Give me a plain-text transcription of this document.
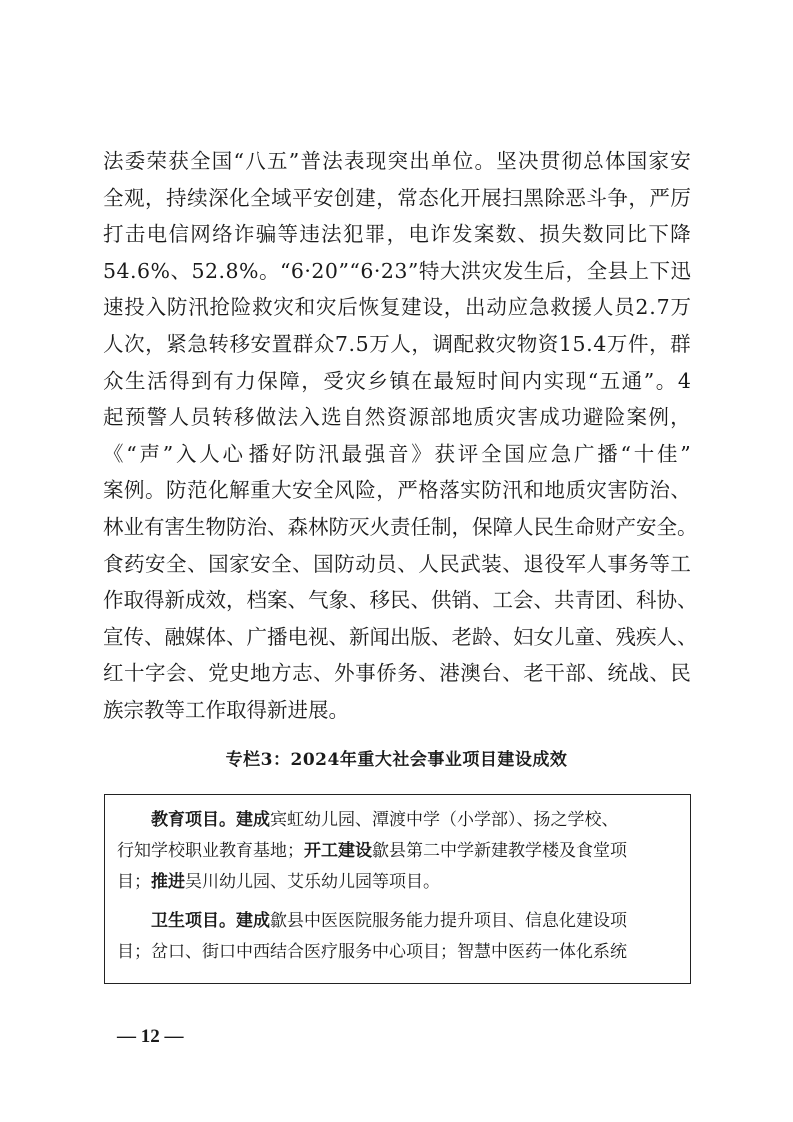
法 委 荣 获 全 国 “ 八 五 ” 普 法 表 现 突 出 单 位 。 坚 决 贯 彻 总 体 国 家 安
全 观 ， 持 续 深 化 全 域 平 安 创 建 ， 常 态 化 开 展 扫 黑 除 恶 斗 争 ， 严 厉
打 击 电 信 网 络 诈 骗 等 违 法 犯 罪 ， 电 诈 发 案 数 、 损 失 数 同 比 下 降
5 4 . 6 % 、 5 2 . 8 % 。 “ 6 · 2 0 ” “ 6 · 2 3 ” 特 大 洪 灾 发 生 后 ， 全 县 上 下 迅
速 投 入 防 汛 抢 险 救 灾 和 灾 后 恢 复 建 设 ， 出 动 应 急 救 援 人 员 2 . 7 万
人 次 ， 紧 急 转 移 安 置 群 众 7 . 5 万 人 ， 调 配 救 灾 物 资 1 5 . 4 万 件 ， 群
众 生 活 得 到 有 力 保 障 ， 受 灾 乡 镇 在 最 短 时 间 内 实 现 “ 五 通 ” 。 4
起 预 警 人 员 转 移 做 法 入 选 自 然 资 源 部 地 质 灾 害 成 功 避 险 案 例 ，
《 “ 声 ” 入 人 心 播 好 防 汛 最 强 音 》 获 评 全 国 应 急 广 播 “ 十 佳 ”
案 例 。 防 范 化 解 重 大 安 全 风 险 ， 严 格 落 实 防 汛 和 地 质 灾 害 防 治 、
林 业 有 害 生 物 防 治 、 森 林 防 灭 火 责 任 制 ， 保 障 人 民 生 命 财 产 安 全 。
食 药 安 全 、 国 家 安 全 、 国 防 动 员 、 人 民 武 装 、 退 役 军 人 事 务 等 工
作 取 得 新 成 效 ， 档 案 、 气 象 、 移 民 、 供 销 、 工 会 、 共 青 团 、 科 协 、
宣 传 、 融 媒 体 、 广 播 电 视 、 新 闻 出 版 、 老 龄 、 妇 女 儿 童 、 残 疾 人 、
红 十 字 会 、 党 史 地 方 志 、 外 事 侨 务 、 港 澳 台 、 老 干 部 、 统 战 、 民
族宗教等工作取得新进展。
专栏3：2024年重大社会事业项目建设成效
　　教育项目。建成宾虹幼儿园、潭渡中学（小学部）、扬之学校、
行知学校职业教育基地；开工建设歙县第二中学新建教学楼及食堂项
目； 推进 吴川幼儿园、艾乐幼儿园等项目。
　　卫生项目。建成歙县中医医院服务能力提升项目、信息化建设项
目；岔口、街口中西结合医疗服务中心项目；智慧中医药一体化系统
— 12 —
